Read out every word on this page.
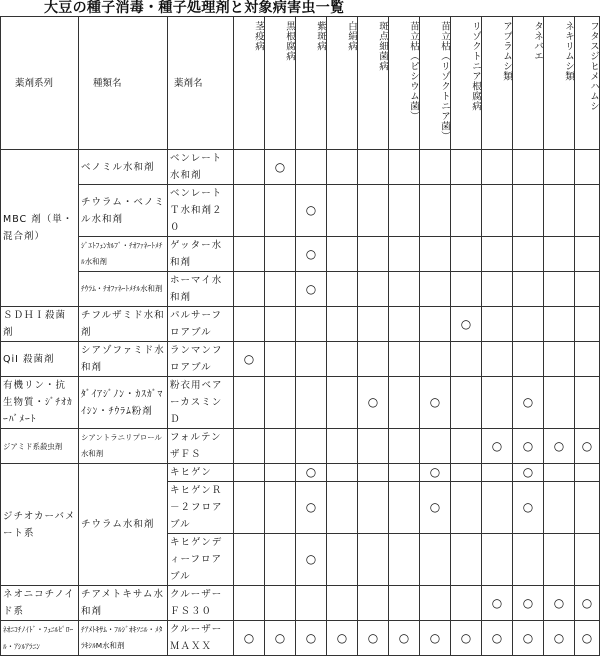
大豆の種子消毒・種子処理剤と対象病害虫一覧
薬剤系列	種類名	薬剤名	茎疫病	黒根腐病	紫斑病	白絹病	斑点細菌病	苗立枯（ピシウム菌）	苗立枯（リゾクトニア菌）	リゾクトニア根腐病	アブラムシ類	タネバエ	ネキリムシ類	フタスジヒメハムシ
MBC 剤（単・混合剤）	ベノミル水和剤	ベンレート水和剤		○										
	チウラム・ベノミル水和剤	ベンレートＴ水和剤２０			○									
	ｼﾞｴﾄﾌｪﾝｶﾙﾌﾞ・ﾁｵﾌｧﾈｰﾄﾒﾁﾙ水和剤	ゲッター水和剤			○									
	ﾁｳﾗﾑ・ﾁｵﾌｧﾈｰﾄﾒﾁﾙ水和剤	ホーマイ水和剤			○									
ＳＤＨＩ殺菌剤	チフルザミド水和剤	パルサーフロアブル								○				
QiI 殺菌剤	シアゾファミド水和剤	ランマンフロアブル	○											
有機リン・抗生物質・ｼﾞﾁｵｶｰﾊﾞﾒｰﾄ	ﾀﾞｲｱｼﾞﾉﾝ・ｶｽｶﾞﾏｲｼﾝ・ﾁｳﾗﾑ粉剤	粉衣用ベアーカスミンＤ					○		○			○		
ジアミド系殺虫剤	シアントラニリプロール水和剤	フォルテンザＦＳ									○	○	○	○
ジチオカーバメート系	チウラム水和剤	キヒゲン			○				○			○		
		キヒゲンＲ－２フロアブル			○				○			○		
		キヒゲンディーフロアブル			○									
ネオニコチノイド系	チアメトキサム水和剤	クルーザーＦＳ３０									○	○	○	○
ﾈｵﾆｺﾁﾉｲﾄﾞ・ﾌｪﾆﾙﾋﾟﾛｰﾙ・ｱｼﾙｱﾗﾆﾝ	ﾁｱﾒﾄｷｻﾑ・ﾌﾙｼﾞｵｷｿﾆﾙ・ﾒﾀﾗｷｼﾙM水和剤	クルーザーＭＡＸＸ	○	○	○	○	○	○	○	○	○	○	○	○
